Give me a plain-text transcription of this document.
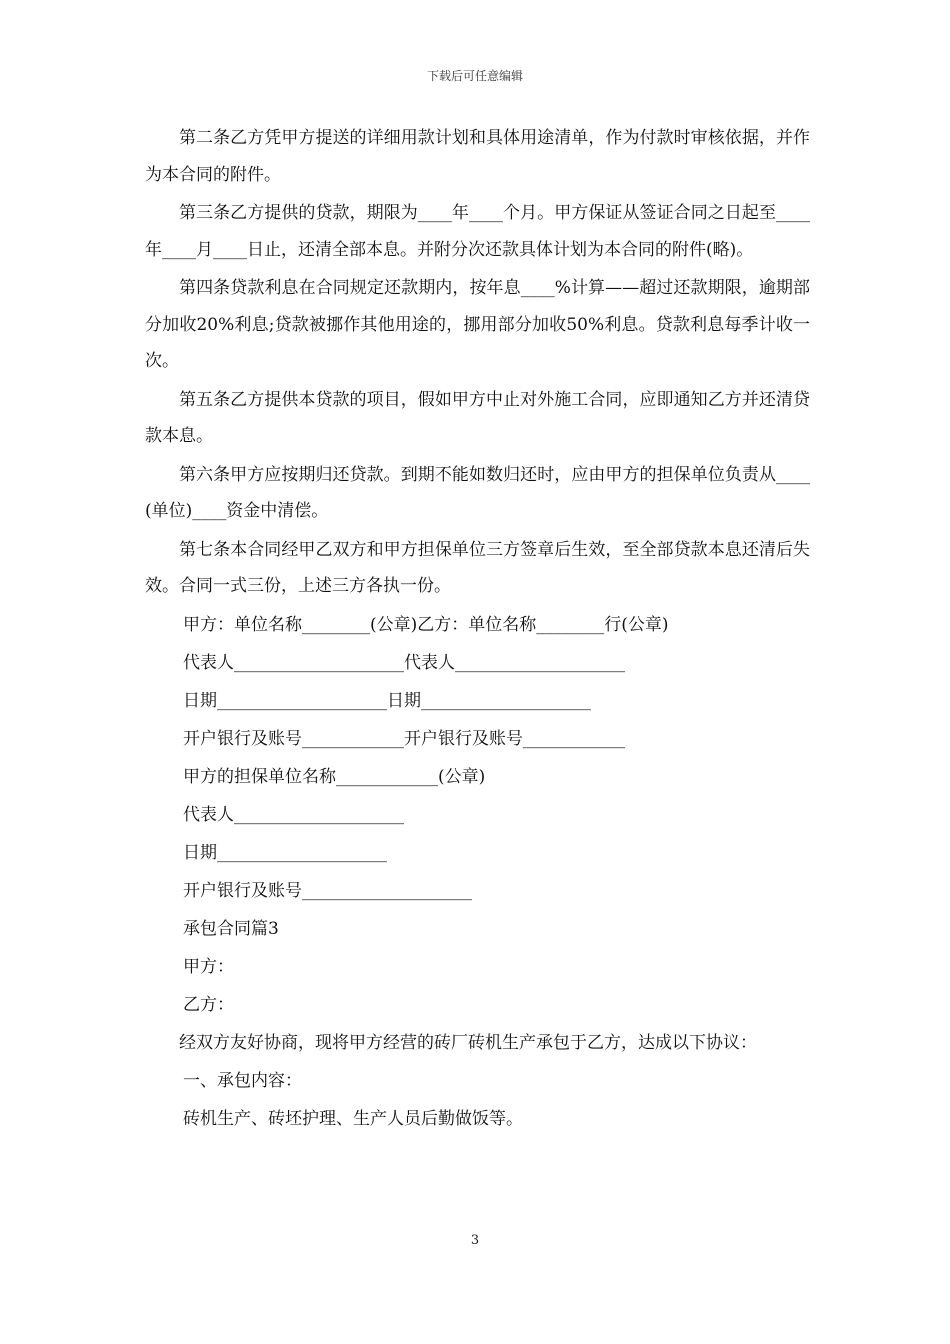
下载后可任意编辑

第二条乙方凭甲方提送的详细用款计划和具体用途清单，作为付款时审核依据，并作为本合同的附件。

第三条乙方提供的贷款，期限为____年____个月。甲方保证从签证合同之日起至____年____月____日止，还清全部本息。并附分次还款具体计划为本合同的附件(略)。

第四条贷款利息在合同规定还款期内，按年息____%计算——超过还款期限，逾期部分加收20%利息;贷款被挪作其他用途的，挪用部分加收50%利息。贷款利息每季计收一次。

第五条乙方提供本贷款的项目，假如甲方中止对外施工合同，应即通知乙方并还清贷款本息。

第六条甲方应按期归还贷款。到期不能如数归还时，应由甲方的担保单位负责从____(单位)____资金中清偿。

第七条本合同经甲乙双方和甲方担保单位三方签章后生效，至全部贷款本息还清后失效。合同一式三份，上述三方各执一份。

甲方：单位名称________(公章)乙方：单位名称________行(公章)
代表人____________________代表人____________________
日期____________________日期____________________
开户银行及账号____________开户银行及账号____________
甲方的担保单位名称____________(公章)
代表人____________________
日期____________________
开户银行及账号____________________
承包合同篇3
甲方：
乙方：

经双方友好协商，现将甲方经营的砖厂砖机生产承包于乙方，达成以下协议：

一、承包内容：
砖机生产、砖坯护理、生产人员后勤做饭等。
3
